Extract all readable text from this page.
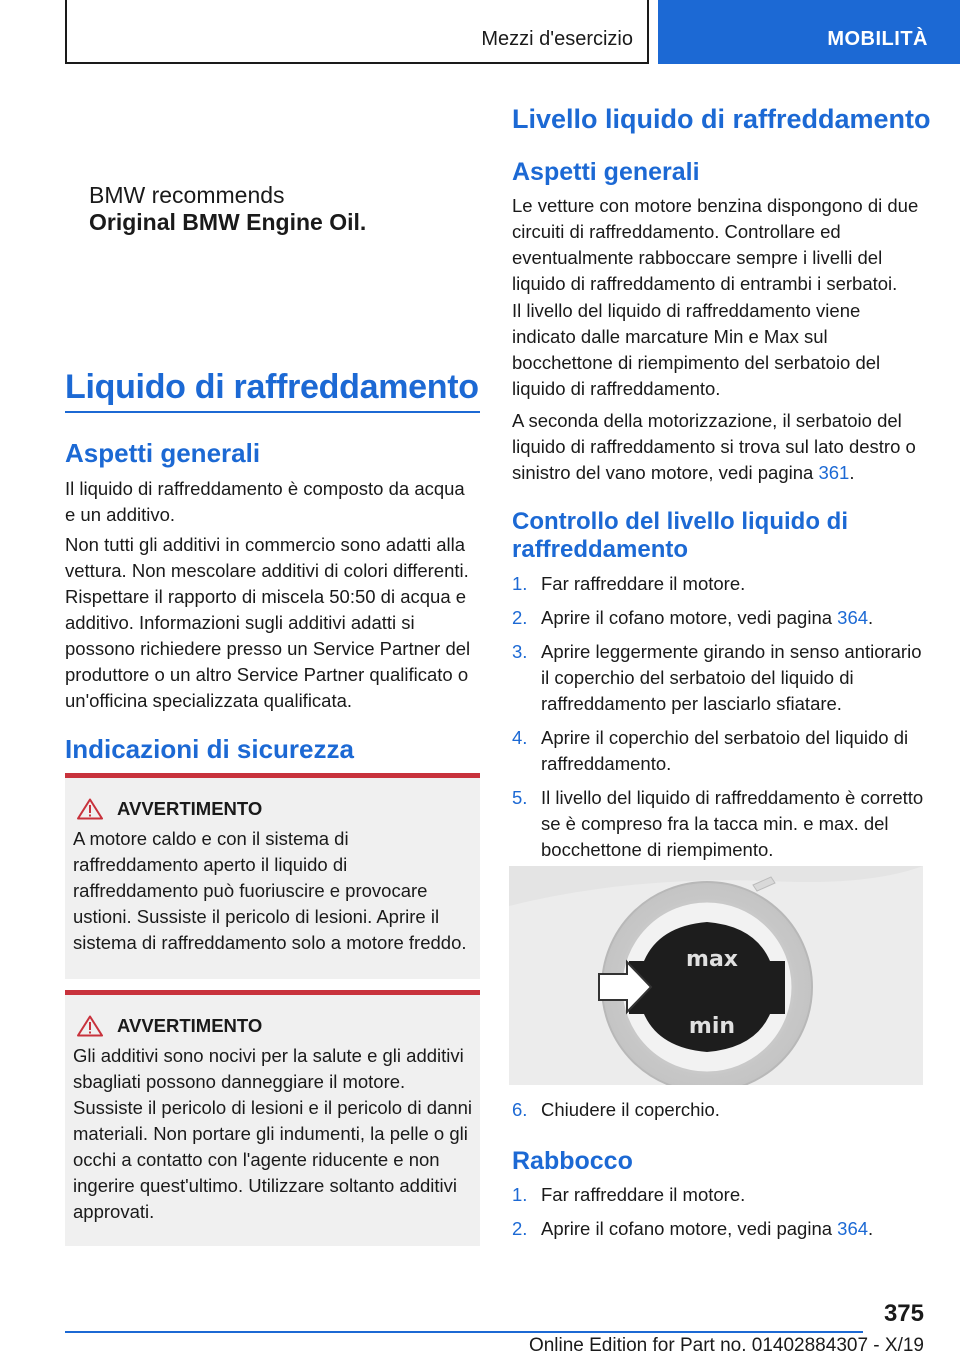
Mezzi d'esercizio	MOBILITÀ
BMW recommends
Original BMW Engine Oil.
Liquido di raffreddamento
Aspetti generali

Il liquido di raffreddamento è composto da acqua e un additivo.

Non tutti gli additivi in commercio sono adatti alla vettura. Non mescolare additivi di colori differenti. Rispettare il rapporto di miscela 50:50 di acqua e additivo. Informazioni sugli additivi adatti si possono richiedere presso un Service Partner del produttore o un altro Service Partner qualificato o un'officina specializzata qualificata.

Indicazioni di sicurezza
AVVERTIMENTO

A motore caldo e con il sistema di raffreddamento aperto il liquido di raffreddamento può fuoriuscire e provocare ustioni. Sussiste il pericolo di lesioni. Aprire il sistema di raffreddamento solo a motore freddo.

AVVERTIMENTO

Gli additivi sono nocivi per la salute e gli additivi sbagliati possono danneggiare il motore. Sussiste il pericolo di lesioni e il pericolo di danni materiali. Non portare gli indumenti, la pelle o gli occhi a contatto con l'agente riducente e non ingerire quest'ultimo. Utilizzare soltanto additivi approvati.

Livello liquido di raffreddamento
Aspetti generali

Le vetture con motore benzina dispongono di due circuiti di raffreddamento. Controllare ed eventualmente rabboccare sempre i livelli del liquido di raffreddamento di entrambi i serbatoi.

Il livello del liquido di raffreddamento viene indicato dalle marcature Min e Max sul bocchettone di riempimento del serbatoio del liquido di raffreddamento.

A seconda della motorizzazione, il serbatoio del liquido di raffreddamento si trova sul lato destro o sinistro del vano motore, vedi pagina 361.

Controllo del livello liquido di raffreddamento
1. Far raffreddare il motore.
2. Aprire il cofano motore, vedi pagina 364.
3. Aprire leggermente girando in senso antiorario il coperchio del serbatoio del liquido di raffreddamento per lasciarlo sfiatare.
4. Aprire il coperchio del serbatoio del liquido di raffreddamento.
5. Il livello del liquido di raffreddamento è corretto se è compreso fra la tacca min. e max. del bocchettone di riempimento.
max
min
6. Chiudere il coperchio.
Rabbocco
1. Far raffreddare il motore.
2. Aprire il cofano motore, vedi pagina 364.
375
Online Edition for Part no. 01402884307 - X/19
